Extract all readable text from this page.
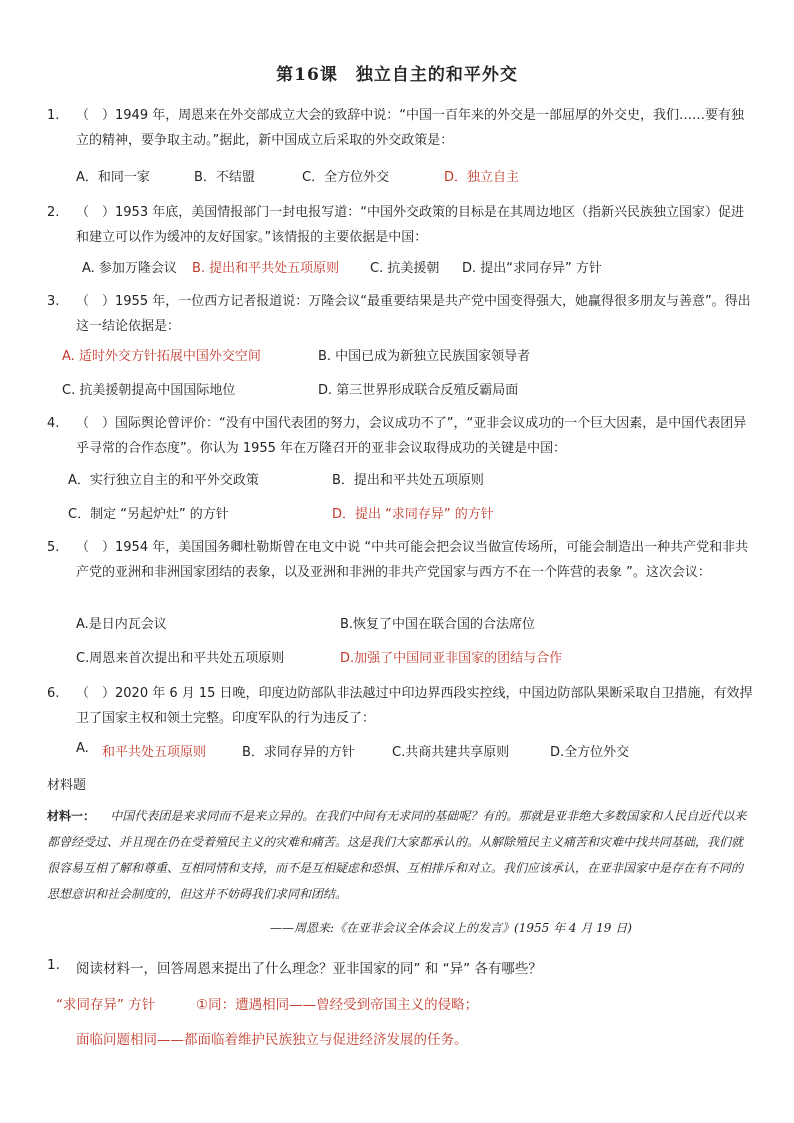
第16课　独立自主的和平外交
1. （　）1949 年，周恩来在外交部成立大会的致辞中说：“中国一百年来的外交是一部屈厚的外交史，我们……要有独立的精神，要争取主动。”据此，新中国成立后采取的外交政策是：
A．和同一家	B．不结盟	C．全方位外交	D．独立自主
2. （　）1953 年底，美国情报部门一封电报写道：“中国外交政策的目标是在其周边地区（指新兴民族独立国家）促进和建立可以作为缓冲的友好国家。”该情报的主要依据是中国：
A. 参加万隆会议 B. 提出和平共处五项原则 C. 抗美援朝 D. 提出“求同存异” 方针
3. （　）1955 年，一位西方记者报道说：万隆会议“最重要结果是共产党中国变得强大，她赢得很多朋友与善意”。得出这一结论依据是：
A. 适时外交方针拓展中国外交空间	B. 中国已成为新独立民族国家领导者
C. 抗美援朝提高中国国际地位	D. 第三世界形成联合反殖反霸局面
4. （　）国际舆论曾评价：“没有中国代表团的努力，会议成功不了”，“亚非会议成功的一个巨大因素，是中国代表团异乎寻常的合作态度”。你认为 1955 年在万隆召开的亚非会议取得成功的关键是中国：
A．实行独立自主的和平外交政策	B．提出和平共处五项原则
C．制定 “另起炉灶” 的方针	D．提出 “求同存异” 的方针
5. （　）1954 年，美国国务卿杜勒斯曾在电文中说 “中共可能会把会议当做宣传场所，可能会制造出一种共产党和非共产党的亚洲和非洲国家团结的表象，以及亚洲和非洲的非共产党国家与西方不在一个阵营的表象 ”。这次会议：
A.是日内瓦会议	B.恢复了中国在联合国的合法席位
C.周恩来首次提出和平共处五项原则	D.加强了中国同亚非国家的团结与合作
6. （　）2020 年 6 月 15 日晚，印度边防部队非法越过中印边界西段实控线，中国边防部队果断采取自卫措施，有效捍卫了国家主权和领土完整。印度军队的行为违反了：
A. 和平共处五项原则	B．求同存异的方针	C.共商共建共享原则	D.全方位外交
材料题
材料一： 中国代表团是来求同而不是来立异的。在我们中间有无求同的基础呢？有的。那就是亚非绝大多数国家和人民自近代以来都曾经受过、并且现在仍在受着殖民主义的灾难和痛苦。这是我们大家都承认的。从解除殖民主义痛苦和灾难中找共同基础，我们就很容易互相了解和尊重、互相同情和支持，而不是互相疑虑和恐惧、互相排斥和对立。我们应该承认，在亚非国家中是存在有不同的思想意识和社会制度的，但这并不妨碍我们求同和团结。
——周恩来:《在亚非会议全体会议上的发言》(1955 年 4 月 19 日)
1. 阅读材料一，回答周恩来提出了什么理念？亚非国家的同” 和 “异” 各有哪些？
“求同存异” 方针	①同：遭遇相同——曾经受到帝国主义的侵略；
面临问题相同——都面临着维护民族独立与促进经济发展的任务。
